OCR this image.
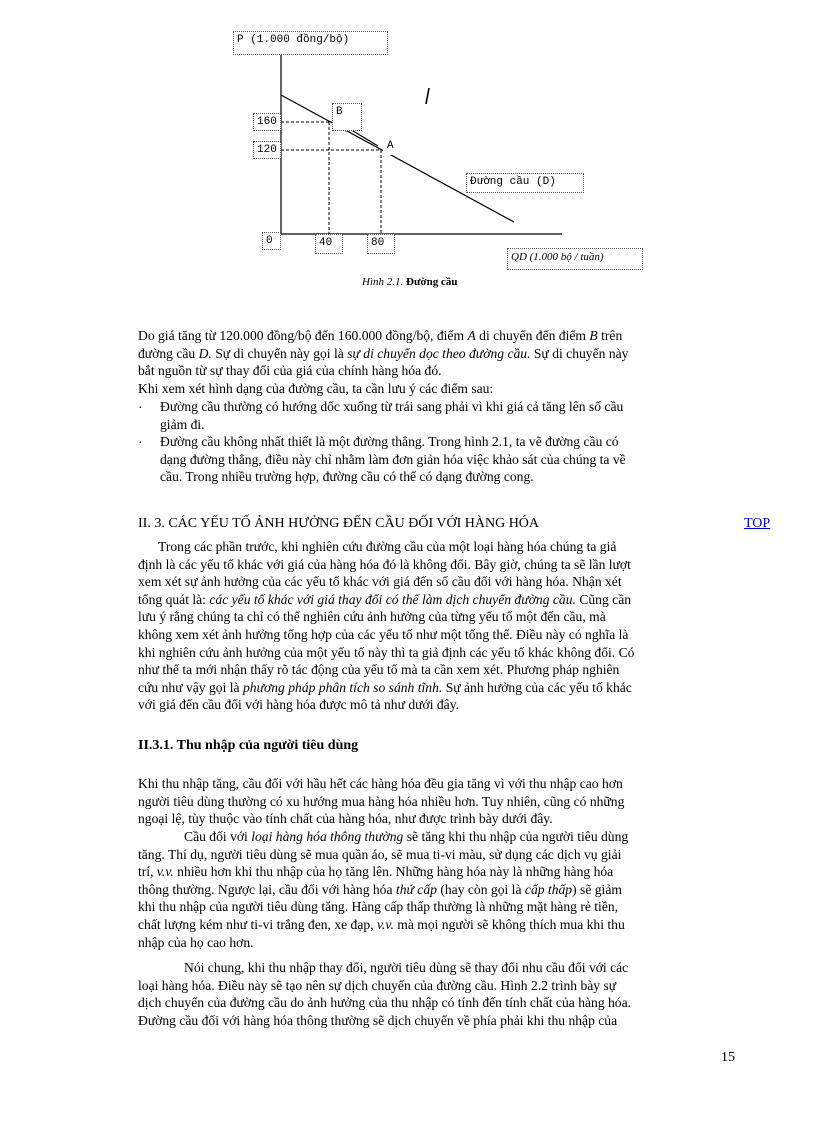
P (1.000 đồng/bộ)
160
120
B
A
Đường cầu (D)
0	40	80
QD (1.000 bộ / tuần)
Hình 2.1. Đường cầu
Do giá tăng từ 120.000 đồng/bộ đến 160.000 đồng/bộ, điểm A di chuyển đến điểm B trên
đường cầu D. Sự di chuyển này gọi là sự di chuyển dọc theo đường cầu. Sự di chuyển này
bắt nguồn từ sự thay đổi của giá của chính hàng hóa đó.
Khi xem xét hình dạng của đường cầu, ta cần lưu ý các điểm sau:
· Đường cầu thường có hướng dốc xuống từ trái sang phải vì khi giá cả tăng lên số cầu
giảm đi.
· Đường cầu không nhất thiết là một đường thẳng. Trong hình 2.1, ta vẽ đường cầu có
dạng đường thẳng, điều này chỉ nhằm làm đơn giản hóa việc khảo sát của chúng ta về
cầu. Trong nhiều trường hợp, đường cầu có thể có dạng đường cong.
II. 3. CÁC YẾU TỐ ẢNH HƯỞNG ĐẾN CẦU ĐỐI VỚI HÀNG HÓA	TOP
Trong các phần trước, khi nghiên cứu đường cầu của một loại hàng hóa chúng ta giả
định là các yếu tố khác với giá của hàng hóa đó là không đổi. Bây giờ, chúng ta sẽ lần lượt
xem xét sự ảnh hưởng của các yếu tố khác với giá đến số cầu đối với hàng hóa. Nhận xét
tổng quát là: các yếu tố khác với giá thay đổi có thể làm dịch chuyển đường cầu. Cũng cần
lưu ý rằng chúng ta chỉ có thể nghiên cứu ảnh hưởng của từng yếu tố một đến cầu, mà
không xem xét ảnh hưởng tổng hợp của các yếu tố như một tổng thể. Điều này có nghĩa là
khi nghiên cứu ảnh hưởng của một yếu tố này thì ta giả định các yếu tố khác không đổi. Có
như thế ta mới nhận thấy rõ tác động của yếu tố mà ta cần xem xét. Phương pháp nghiên
cứu như vậy gọi là phương pháp phân tích so sánh tĩnh. Sự ảnh hưởng của các yếu tố khác
với giá đến cầu đối với hàng hóa được mô tả như dưới đây.
II.3.1. Thu nhập của người tiêu dùng
Khi thu nhập tăng, cầu đối với hầu hết các hàng hóa đều gia tăng vì với thu nhập cao hơn
người tiêu dùng thường có xu hướng mua hàng hóa nhiều hơn. Tuy nhiên, cũng có những
ngoại lệ, tùy thuộc vào tính chất của hàng hóa, như được trình bày dưới đây.
Cầu đối với loại hàng hóa thông thường sẽ tăng khi thu nhập của người tiêu dùng
tăng. Thí dụ, người tiêu dùng sẽ mua quần áo, sẽ mua ti-vi màu, sử dụng các dịch vụ giải
trí, v.v. nhiều hơn khi thu nhập của họ tăng lên. Những hàng hóa này là những hàng hóa
thông thường. Ngược lại, cầu đối với hàng hóa thứ cấp (hay còn gọi là cấp thấp) sẽ giảm
khi thu nhập của người tiêu dùng tăng. Hàng cấp thấp thường là những mặt hàng rẻ tiền,
chất lượng kém như ti-vi trắng đen, xe đạp, v.v. mà mọi người sẽ không thích mua khi thu
nhập của họ cao hơn.
Nói chung, khi thu nhập thay đổi, người tiêu dùng sẽ thay đổi nhu cầu đối với các
loại hàng hóa. Điều này sẽ tạo nên sự dịch chuyển của đường cầu. Hình 2.2 trình bày sự
dịch chuyển của đường cầu do ảnh hưởng của thu nhập có tính đến tính chất của hàng hóa.
Đường cầu đối với hàng hóa thông thường sẽ dịch chuyển về phía phải khi thu nhập của
15
